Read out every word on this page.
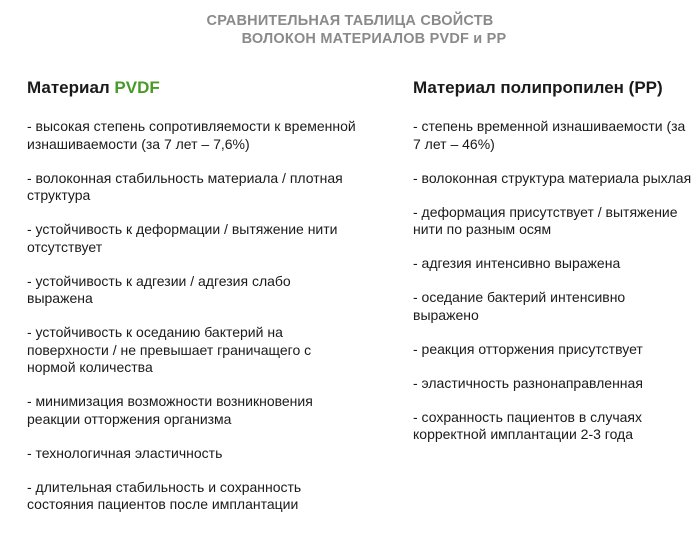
СРАВНИТЕЛЬНАЯ ТАБЛИЦА СВОЙСТВ
ВОЛОКОН МАТЕРИАЛОВ PVDF и PP
Материал PVDF
- высокая степень сопротивляемости к временной изнашиваемости (за 7 лет – 7,6%)
- волоконная стабильность материала / плотная структура
- устойчивость к деформации / вытяжение нити отсутствует
- устойчивость к адгезии / адгезия слабо выражена
- устойчивость к оседанию бактерий на поверхности / не превышает граничащего с нормой количества
- минимизация возможности возникновения реакции отторжения организма
- технологичная эластичность
- длительная стабильность и сохранность состояния пациентов после имплантации
Материал полипропилен (PP)
- степень временной изнашиваемости (за 7 лет – 46%)
- волоконная структура материала рыхлая
- деформация присутствует / вытяжение нити по разным осям
- адгезия интенсивно выражена
- оседание бактерий интенсивно выражено
- реакция отторжения присутствует
- эластичность разнонаправленная
- сохранность пациентов в случаях корректной имплантации 2-3 года
